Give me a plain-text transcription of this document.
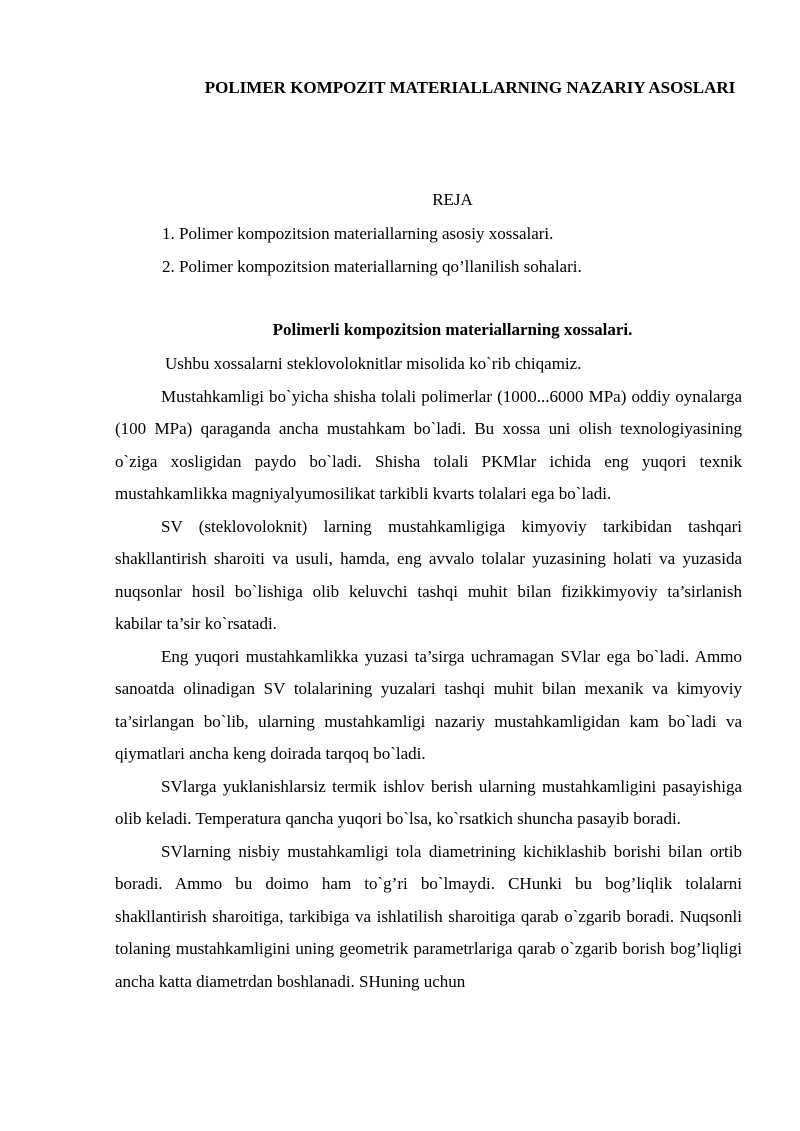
POLIMER KOMPOZIT MATERIALLARNING NAZARIY ASOSLARI
REJA
1. Polimer kompozitsion materiallarning asosiy xossalari.
2. Polimer kompozitsion materiallarning qo’llanilish sohalari.
Polimerli kompozitsion materiallarning xossalari.

Ushbu xossalarni steklovoloknitlar misolida ko`rib chiqamiz.

Mustahkamligi bo`yicha shisha tolali polimerlar (1000...6000 MPa) oddiy oynalarga (100 MPa) qaraganda ancha mustahkam bo`ladi. Bu xossa uni olish texnologiyasining o`ziga xosligidan paydo bo`ladi. Shisha tolali PKMlar ichida eng yuqori texnik mustahkamlikka magniyalyumosilikat tarkibli kvarts tolalari ega bo`ladi.

SV (steklovoloknit) larning mustahkamligiga kimyoviy tarkibidan tashqari shakllantirish sharoiti va usuli, hamda, eng avvalo tolalar yuzasining holati va yuzasida nuqsonlar hosil bo`lishiga olib keluvchi tashqi muhit bilan fizikkimyoviy ta’sirlanish kabilar ta’sir ko`rsatadi.

Eng yuqori mustahkamlikka yuzasi ta’sirga uchramagan SVlar ega bo`ladi. Ammo sanoatda olinadigan SV tolalarining yuzalari tashqi muhit bilan mexanik va kimyoviy ta’sirlangan bo`lib, ularning mustahkamligi nazariy mustahkamligidan kam bo`ladi va qiymatlari ancha keng doirada tarqoq bo`ladi.

SVlarga yuklanishlarsiz termik ishlov berish ularning mustahkamligini pasayishiga olib keladi. Temperatura qancha yuqori bo`lsa, ko`rsatkich shuncha pasayib boradi.

SVlarning nisbiy mustahkamligi tola diametrining kichiklashib borishi bilan ortib boradi. Ammo bu doimo ham to`g’ri bo`lmaydi. CHunki bu bog’liqlik tolalarni shakllantirish sharoitiga, tarkibiga va ishlatilish sharoitiga qarab o`zgarib boradi. Nuqsonli tolaning mustahkamligini uning geometrik parametrlariga qarab o`zgarib borish bog’liqligi ancha katta diametrdan boshlanadi. SHuning uchun
